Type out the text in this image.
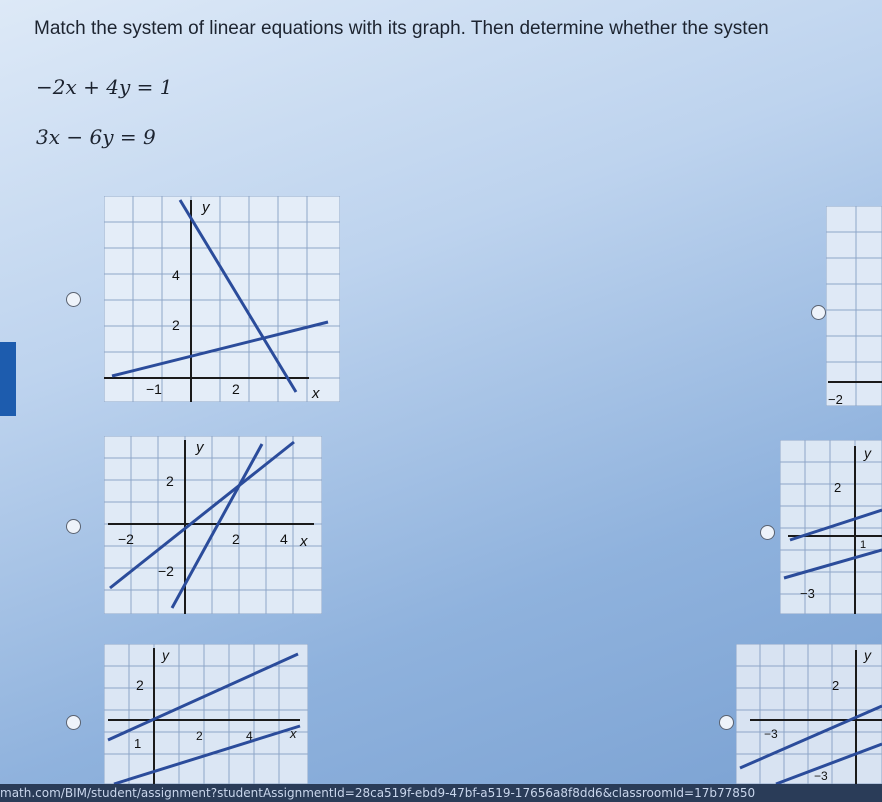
Match the system of linear equations with its graph. Then determine whether the systen
−2x + 4y = 1
3x − 6y = 9
y
x
4
2
−1	2
y
x
2
−2	2	4
−2
y
x
2
2	4
1
−2
y
2
1
−3
y
2
−3
−3
math.com/BIM/student/assignment?studentAssignmentId=28ca519f-ebd9-47bf-a519-17656a8f8dd6&classroomId=17b77850
